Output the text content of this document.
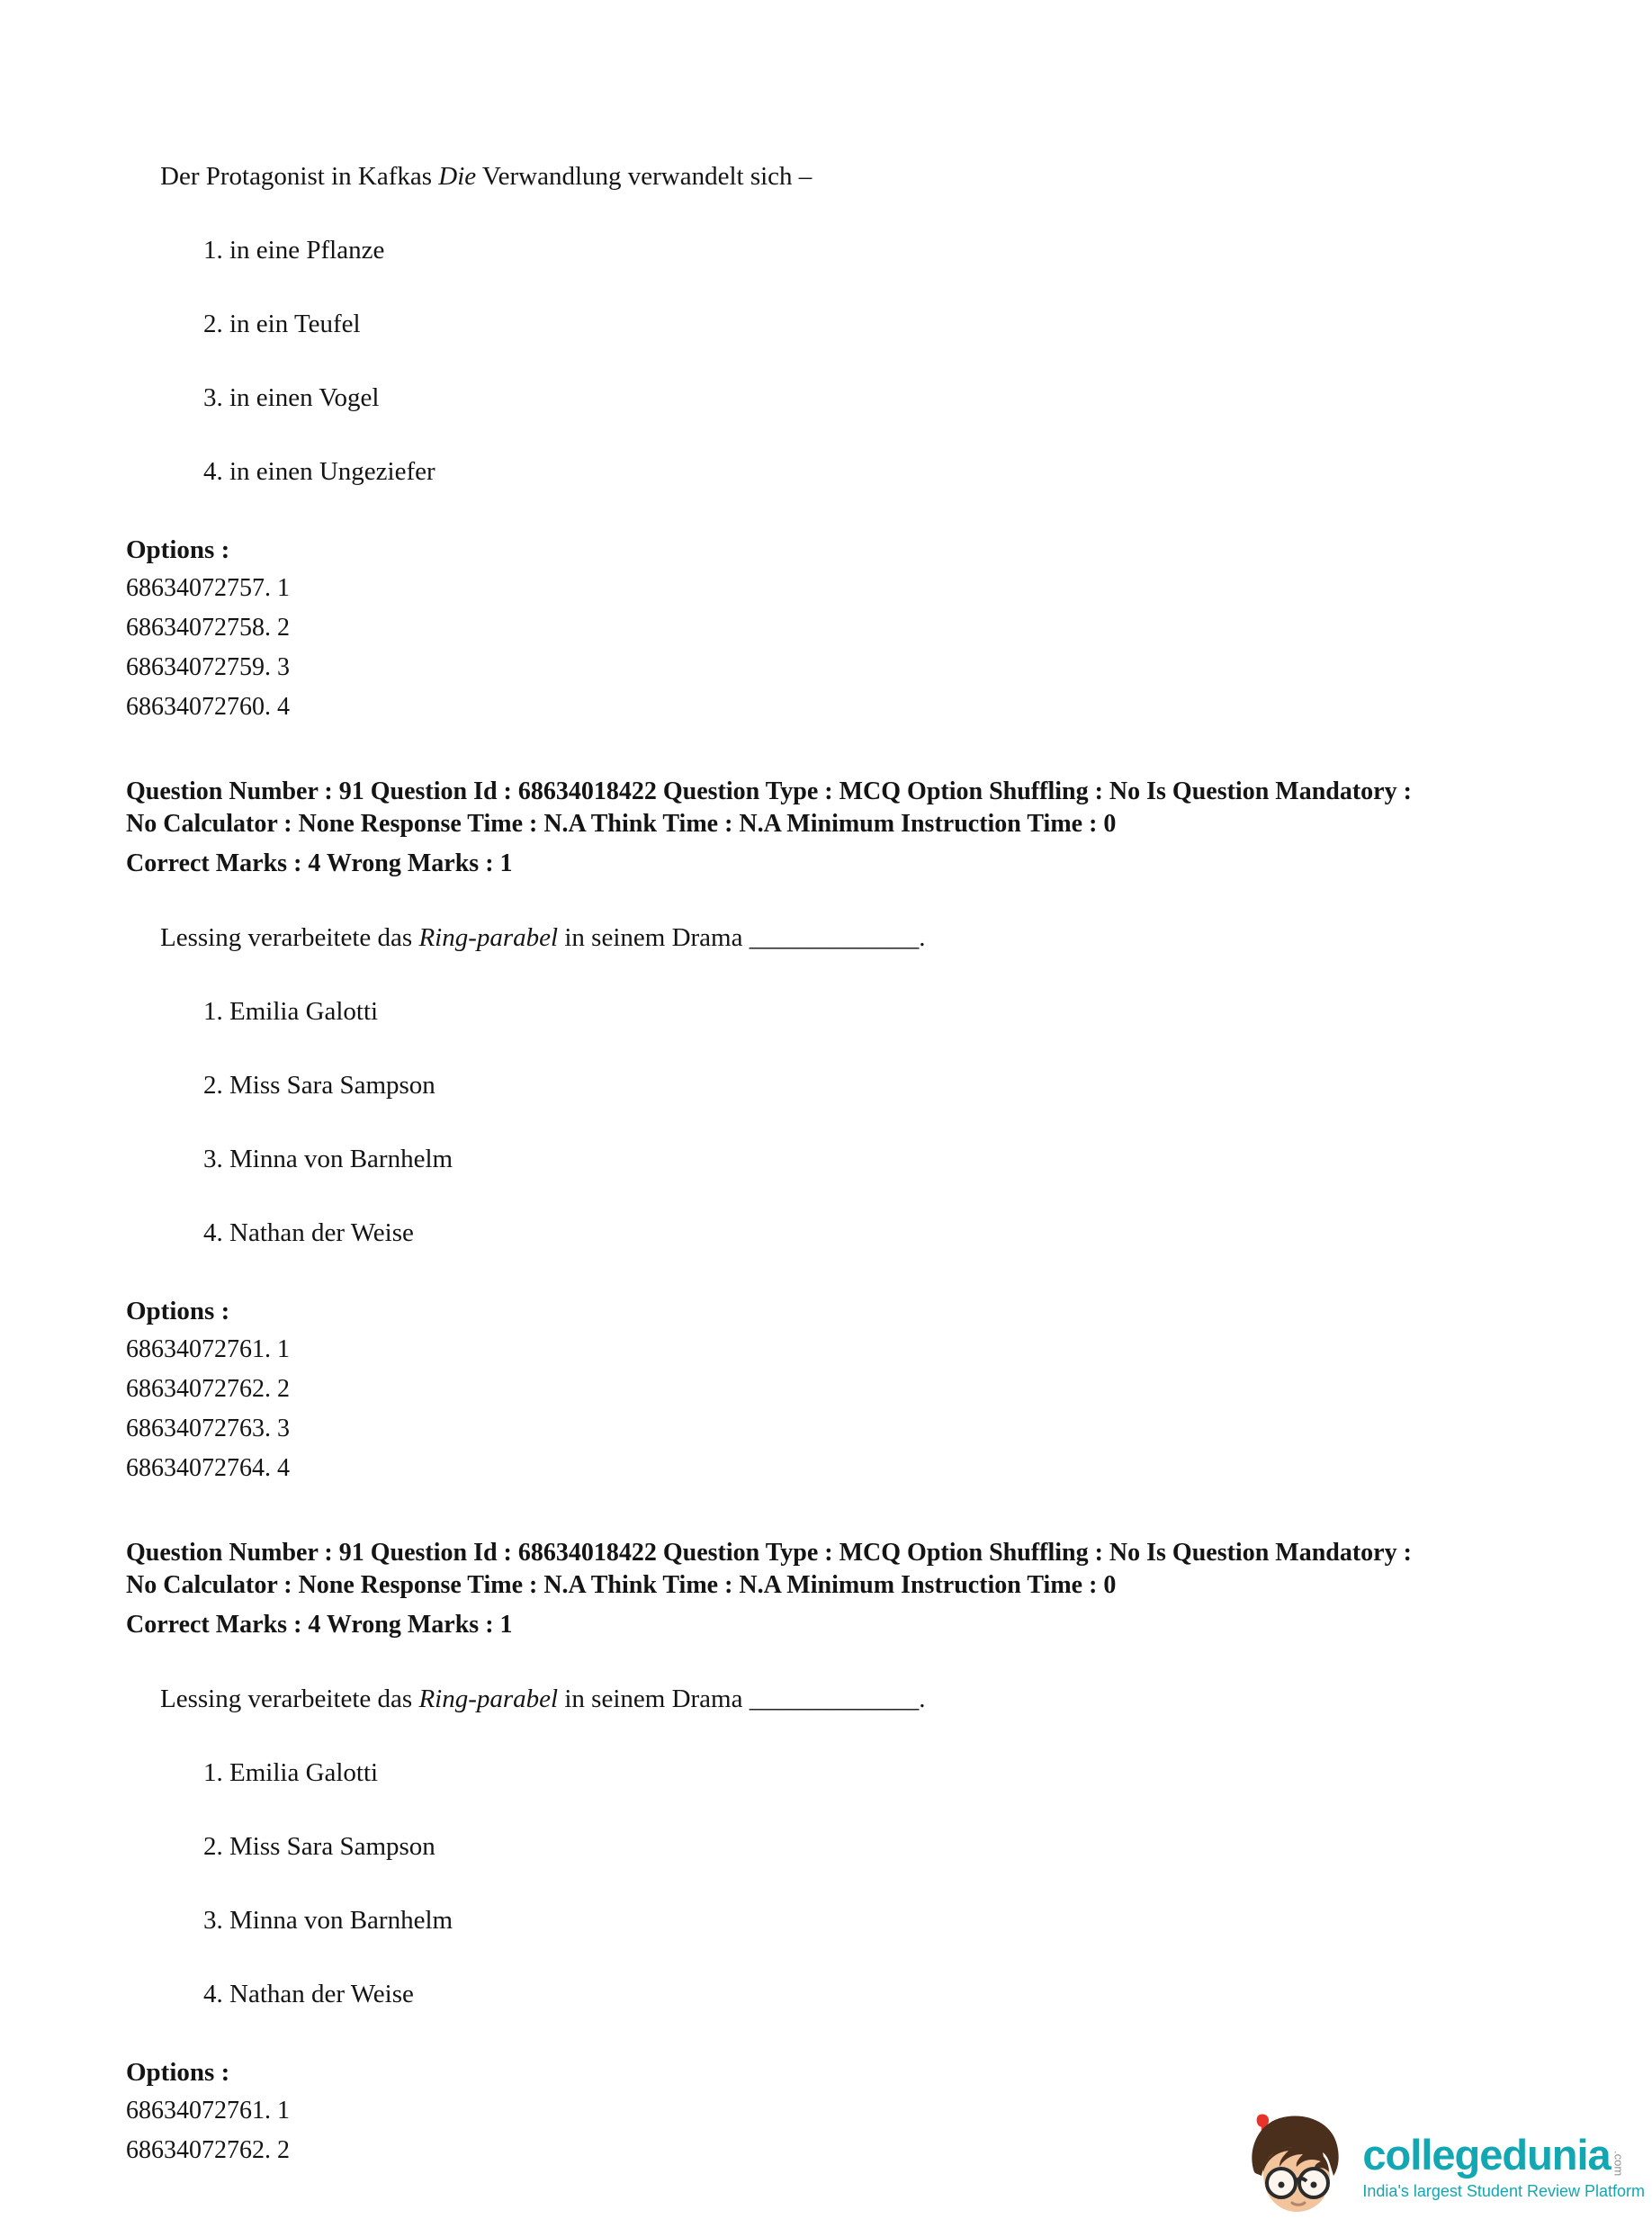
Der Protagonist in Kafkas Die Verwandlung verwandelt sich –
1. in eine Pflanze
2. in ein Teufel
3. in einen Vogel
4. in einen Ungeziefer
Options :
68634072757. 1
68634072758. 2
68634072759. 3
68634072760. 4
Question Number : 91 Question Id : 68634018422 Question Type : MCQ Option Shuffling : No Is Question Mandatory :
No Calculator : None Response Time : N.A Think Time : N.A Minimum Instruction Time : 0
Correct Marks : 4 Wrong Marks : 1
Lessing verarbeitete das Ring-parabel in seinem Drama _____________.
1. Emilia Galotti
2. Miss Sara Sampson
3. Minna von Barnhelm
4. Nathan der Weise
Options :
68634072761. 1
68634072762. 2
68634072763. 3
68634072764. 4
Question Number : 91 Question Id : 68634018422 Question Type : MCQ Option Shuffling : No Is Question Mandatory :
No Calculator : None Response Time : N.A Think Time : N.A Minimum Instruction Time : 0
Correct Marks : 4 Wrong Marks : 1
Lessing verarbeitete das Ring-parabel in seinem Drama _____________.
1. Emilia Galotti
2. Miss Sara Sampson
3. Minna von Barnhelm
4. Nathan der Weise
Options :
68634072761. 1
68634072762. 2	collegedunia .com
India's largest Student Review Platform
